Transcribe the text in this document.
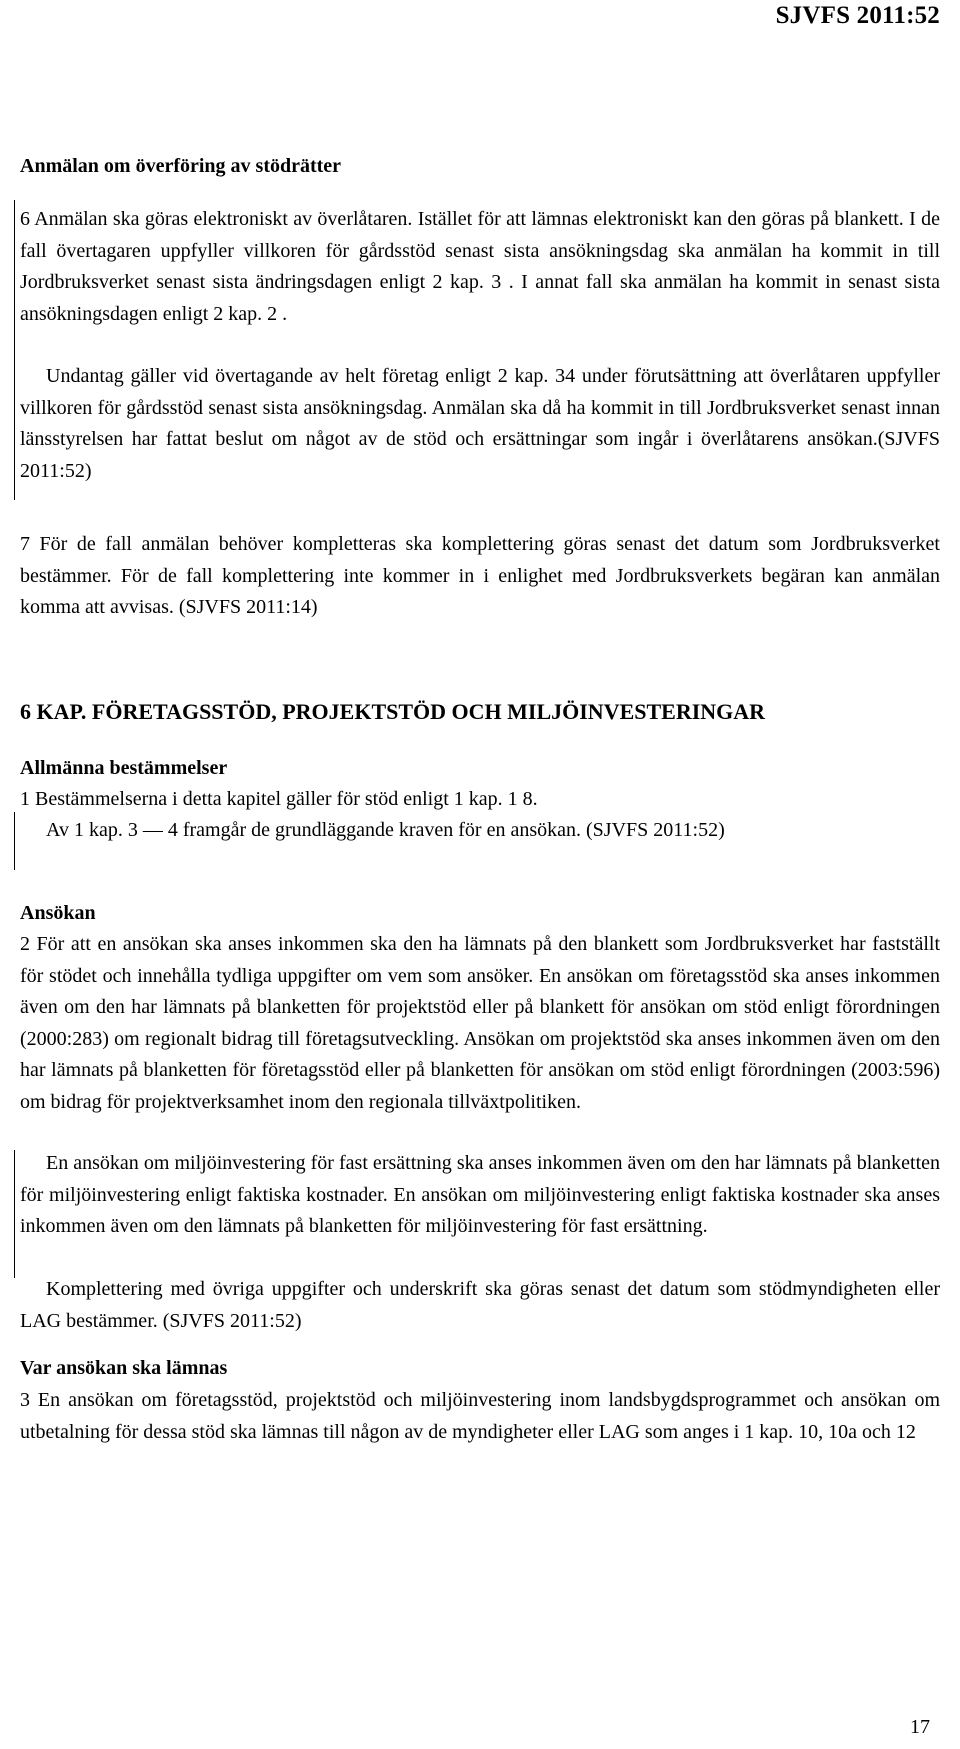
SJVFS 2011:52
Anmälan om överföring av stödrätter
6 Anmälan ska göras elektroniskt av överlåtaren. Istället för att lämnas elektroniskt kan den göras på blankett. I de fall övertagaren uppfyller villkoren för gårdsstöd senast sista ansökningsdag ska anmälan ha kommit in till Jordbruksverket senast sista ändringsdagen enligt 2 kap. 3 . I annat fall ska anmälan ha kommit in senast sista ansökningsdagen enligt 2 kap. 2 .
Undantag gäller vid övertagande av helt företag enligt 2 kap. 34 under förutsättning att överlåtaren uppfyller villkoren för gårdsstöd senast sista ansökningsdag. Anmälan ska då ha kommit in till Jordbruksverket senast innan länsstyrelsen har fattat beslut om något av de stöd och ersättningar som ingår i överlåtarens ansökan.(SJVFS 2011:52)
7 För de fall anmälan behöver kompletteras ska komplettering göras senast det datum som Jordbruksverket bestämmer. För de fall komplettering inte kommer in i enlighet med Jordbruksverkets begäran kan anmälan komma att avvisas. (SJVFS 2011:14)
6 KAP. FÖRETAGSSTÖD, PROJEKTSTÖD OCH MILJÖINVESTERINGAR
Allmänna bestämmelser
1 Bestämmelserna i detta kapitel gäller för stöd enligt 1 kap. 1 8.
Av 1 kap. 3 — 4 framgår de grundläggande kraven för en ansökan. (SJVFS 2011:52)
Ansökan
2 För att en ansökan ska anses inkommen ska den ha lämnats på den blankett som Jordbruksverket har fastställt för stödet och innehålla tydliga uppgifter om vem som ansöker. En ansökan om företagsstöd ska anses inkommen även om den har lämnats på blanketten för projektstöd eller på blankett för ansökan om stöd enligt förordningen (2000:283) om regionalt bidrag till företagsutveckling. Ansökan om projektstöd ska anses inkommen även om den har lämnats på blanketten för företagsstöd eller på blanketten för ansökan om stöd enligt förordningen (2003:596) om bidrag för projektverksamhet inom den regionala tillväxtpolitiken.
En ansökan om miljöinvestering för fast ersättning ska anses inkommen även om den har lämnats på blanketten för miljöinvestering enligt faktiska kostnader. En ansökan om miljöinvestering enligt faktiska kostnader ska anses inkommen även om den lämnats på blanketten för miljöinvestering för fast ersättning.
Komplettering med övriga uppgifter och underskrift ska göras senast det datum som stödmyndigheten eller LAG bestämmer. (SJVFS 2011:52)
Var ansökan ska lämnas
3 En ansökan om företagsstöd, projektstöd och miljöinvestering inom landsbygdsprogrammet och ansökan om utbetalning för dessa stöd ska lämnas till någon av de myndigheter eller LAG som anges i 1 kap. 10, 10a och 12
17
